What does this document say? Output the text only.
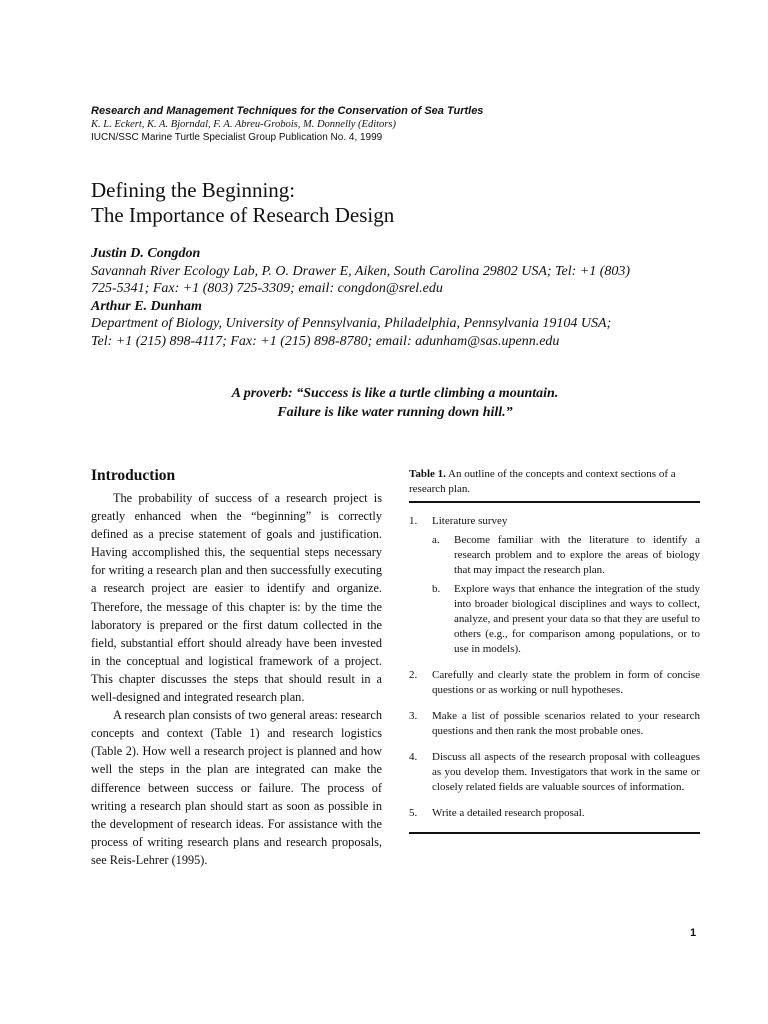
Research and Management Techniques for the Conservation of Sea Turtles
K. L. Eckert, K. A. Bjorndal, F. A. Abreu-Grobois, M. Donnelly (Editors)
IUCN/SSC Marine Turtle Specialist Group Publication No. 4, 1999
Defining the Beginning:
The Importance of Research Design
Justin D. Congdon
Savannah River Ecology Lab, P. O. Drawer E, Aiken, South Carolina 29802 USA; Tel: +1 (803)
725-5341; Fax: +1 (803) 725-3309; email: congdon@srel.edu
Arthur E. Dunham
Department of Biology, University of Pennsylvania, Philadelphia, Pennsylvania 19104 USA;
Tel: +1 (215) 898-4117; Fax: +1 (215) 898-8780; email: adunham@sas.upenn.edu
A proverb: “Success is like a turtle climbing a mountain.
Failure is like water running down hill.”
Introduction

The probability of success of a research project is greatly enhanced when the “beginning” is correctly defined as a precise statement of goals and justification. Having accomplished this, the sequential steps necessary for writing a research plan and then successfully executing a research project are easier to identify and organize. Therefore, the message of this chapter is: by the time the laboratory is prepared or the first datum collected in the field, substantial effort should already have been invested in the conceptual and logistical framework of a project. This chapter discusses the steps that should result in a well-designed and integrated research plan.

A research plan consists of two general areas: research concepts and context (Table 1) and research logistics (Table 2). How well a research project is planned and how well the steps in the plan are integrated can make the difference between success or failure. The process of writing a research plan should start as soon as possible in the development of research ideas. For assistance with the process of writing research plans and research proposals, see Reis-Lehrer (1995).

Table 1. An outline of the concepts and context sections of a research plan.
1. Literature survey
a. Become familiar with the literature to identify a research problem and to explore the areas of biology that may impact the research plan.
b. Explore ways that enhance the integration of the study into broader biological disciplines and ways to collect, analyze, and present your data so that they are useful to others (e.g., for comparison among populations, or to use in models).
2. Carefully and clearly state the problem in form of concise questions or as working or null hypotheses.
3. Make a list of possible scenarios related to your research questions and then rank the most probable ones.
4. Discuss all aspects of the research proposal with colleagues as you develop them. Investigators that work in the same or closely related fields are valuable sources of information.
5. Write a detailed research proposal.
1
